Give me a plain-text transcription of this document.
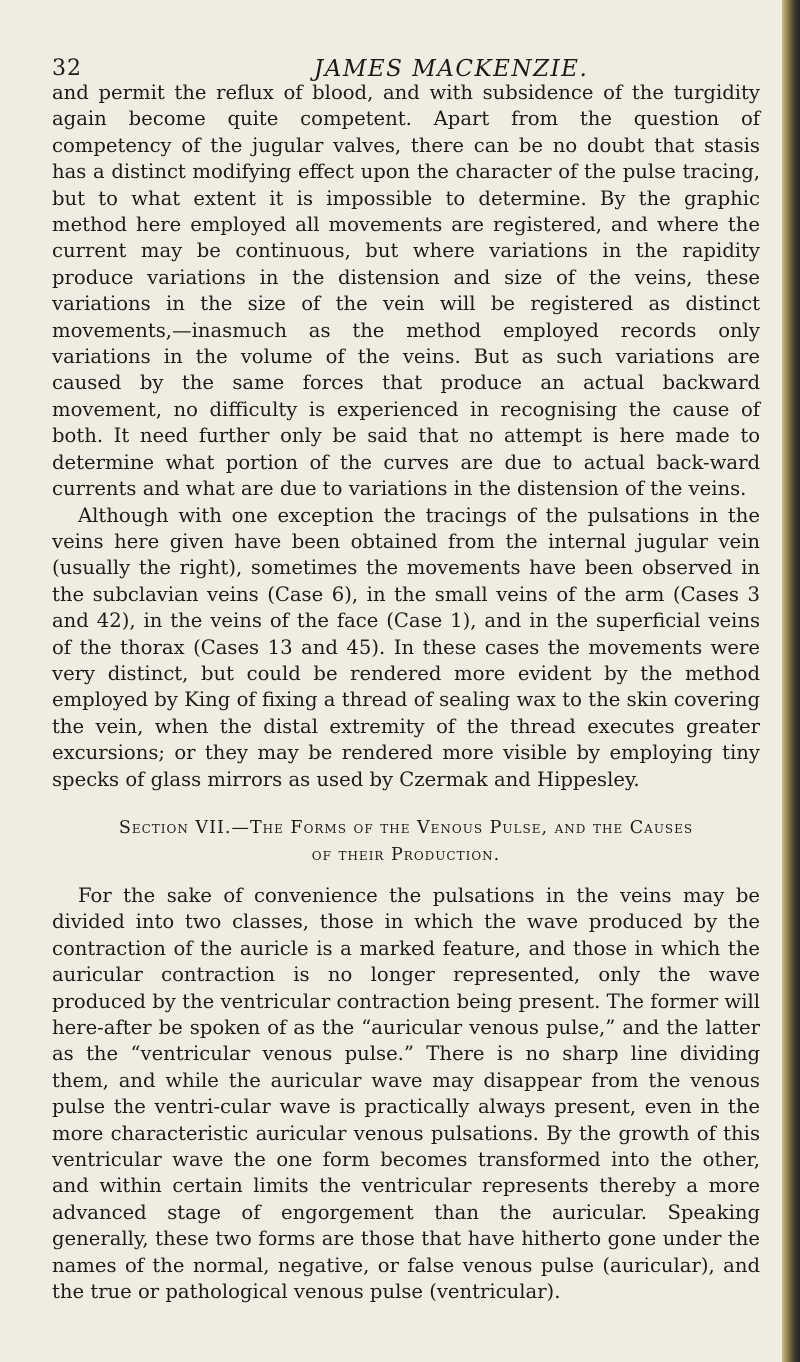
32	JAMES MACKENZIE.

and permit the reflux of blood, and with subsidence of the turgidity again become quite competent. Apart from the question of competency of the jugular valves, there can be no doubt that stasis has a distinct modifying effect upon the character of the pulse tracing, but to what extent it is impossible to determine. By the graphic method here employed all movements are registered, and where the current may be continuous, but where variations in the rapidity produce variations in the distension and size of the veins, these variations in the size of the vein will be registered as distinct movements,—inasmuch as the method employed records only variations in the volume of the veins. But as such variations are caused by the same forces that produce an actual backward movement, no difficulty is experienced in recognising the cause of both. It need further only be said that no attempt is here made to determine what portion of the curves are due to actual back-ward currents and what are due to variations in the distension of the veins.

Although with one exception the tracings of the pulsations in the veins here given have been obtained from the internal jugular vein (usually the right), sometimes the movements have been observed in the subclavian veins (Case 6), in the small veins of the arm (Cases 3 and 42), in the veins of the face (Case 1), and in the superficial veins of the thorax (Cases 13 and 45). In these cases the movements were very distinct, but could be rendered more evident by the method employed by King of fixing a thread of sealing wax to the skin covering the vein, when the distal extremity of the thread executes greater excursions; or they may be rendered more visible by employing tiny specks of glass mirrors as used by Czermak and Hippesley.

Section VII.—The Forms of the Venous Pulse, and the Causes
of their Production.

For the sake of convenience the pulsations in the veins may be divided into two classes, those in which the wave produced by the contraction of the auricle is a marked feature, and those in which the auricular contraction is no longer represented, only the wave produced by the ventricular contraction being present. The former will here-after be spoken of as the “auricular venous pulse,” and the latter as the “ventricular venous pulse.” There is no sharp line dividing them, and while the auricular wave may disappear from the venous pulse the ventri-cular wave is practically always present, even in the more characteristic auricular venous pulsations. By the growth of this ventricular wave the one form becomes transformed into the other, and within certain limits the ventricular represents thereby a more advanced stage of engorgement than the auricular. Speaking generally, these two forms are those that have hitherto gone under the names of the normal, negative, or false venous pulse (auricular), and the true or pathological venous pulse (ventricular).
